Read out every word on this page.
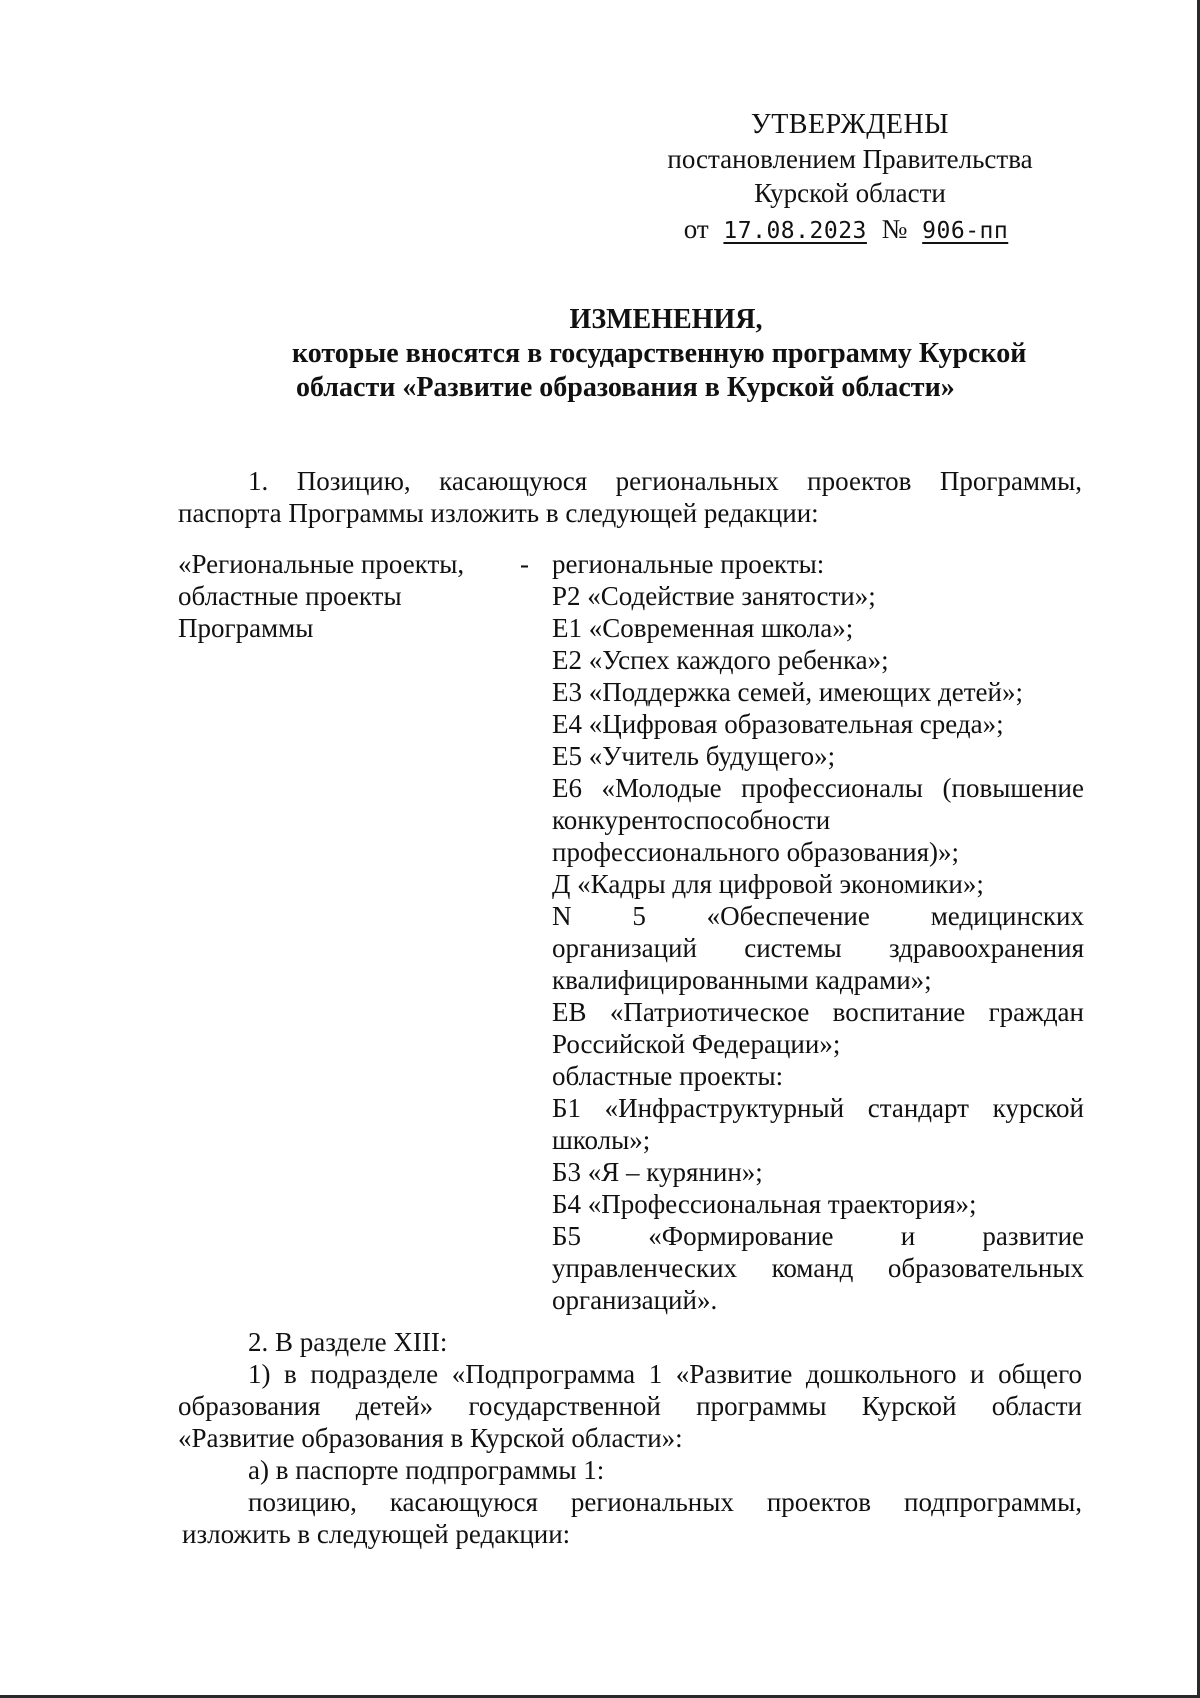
УТВЕРЖДЕНЫ
постановлением Правительства
Курской области
от 17.08.2023 № 906-пп
ИЗМЕНЕНИЯ,
которые вносятся в государственную программу Курской
области «Развитие образования в Курской области»
1. Позицию, касающуюся региональных проектов Программы,
паспорта Программы изложить в следующей редакции:
«Региональные проекты,
областные проекты
Программы
- региональные проекты:
Р2 «Содействие занятости»;
Е1 «Современная школа»;
Е2 «Успех каждого ребенка»;
Е3 «Поддержка семей, имеющих детей»;
Е4 «Цифровая образовательная среда»;
Е5 «Учитель будущего»;
Е6 «Молодые профессионалы (повышение
конкурентоспособности
профессионального образования)»;
Д «Кадры для цифровой экономики»;
N 5 «Обеспечение медицинских
организаций системы здравоохранения
квалифицированными кадрами»;
ЕВ «Патриотическое воспитание граждан
Российской Федерации»;
областные проекты:
Б1 «Инфраструктурный стандарт курской
школы»;
Б3 «Я – курянин»;
Б4 «Профессиональная траектория»;
Б5 «Формирование и развитие
управленческих команд образовательных
организаций».
2. В разделе XIII:
1) в подразделе «Подпрограмма 1 «Развитие дошкольного и общего
образования детей» государственной программы Курской области
«Развитие образования в Курской области»:
а) в паспорте подпрограммы 1:
позицию, касающуюся региональных проектов подпрограммы,
изложить в следующей редакции:
